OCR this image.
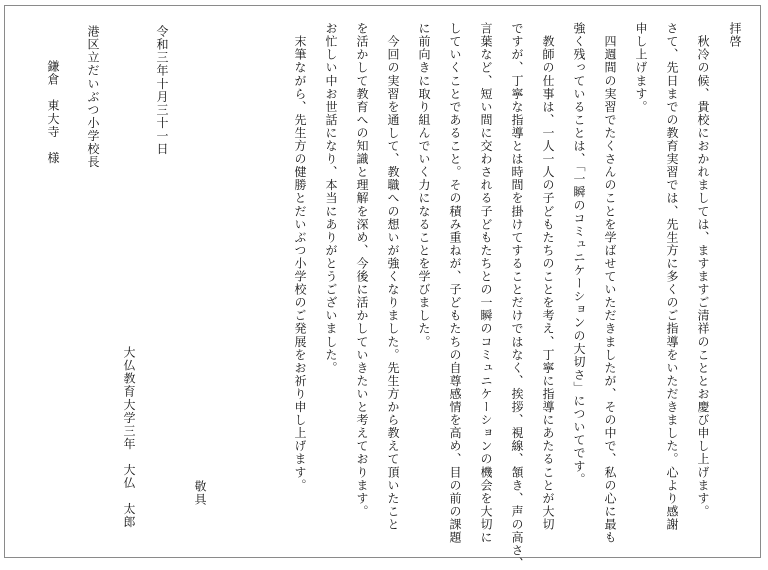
拝啓
　秋冷の候、貴校におかれましては、ますますご清祥のこととお慶び申し上げます。
さて、先日までの教育実習では、先生方に多くのご指導をいただきました。心より感謝
申し上げます。
　四週間の実習でたくさんのことを学ばせていただきましたが、その中で、私の心に最も
強く残っていることは、「一瞬のコミュニケーションの大切さ」についてです。
　教師の仕事は、一人一人の子どもたちのことを考え、丁寧に指導にあたることが大切
ですが、丁寧な指導とは時間を掛けてすることだけではなく、挨拶、視線、頷き、声の高さ、
言葉など、短い間に交わされる子どもたちとの一瞬のコミュニケーションの機会を大切に
していくことであること。その積み重ねが、子どもたちの自尊感情を高め、目の前の課題
に前向きに取り組んでいく力になることを学びました。
　今回の実習を通して、教職への想いが強くなりました。先生方から教えて頂いたこと
を活かして教育への知識と理解を深め、今後に活かしていきたいと考えております。
お忙しい中お世話になり、本当にありがとうございました。
　末筆ながら、先生方の健勝とだいぶつ小学校のご発展をお祈り申し上げます。
敬具
大仏教育大学三年　大仏　太郎
令和三年十月三十一日
港区立だいぶつ小学校長
鎌倉　東大寺　様
